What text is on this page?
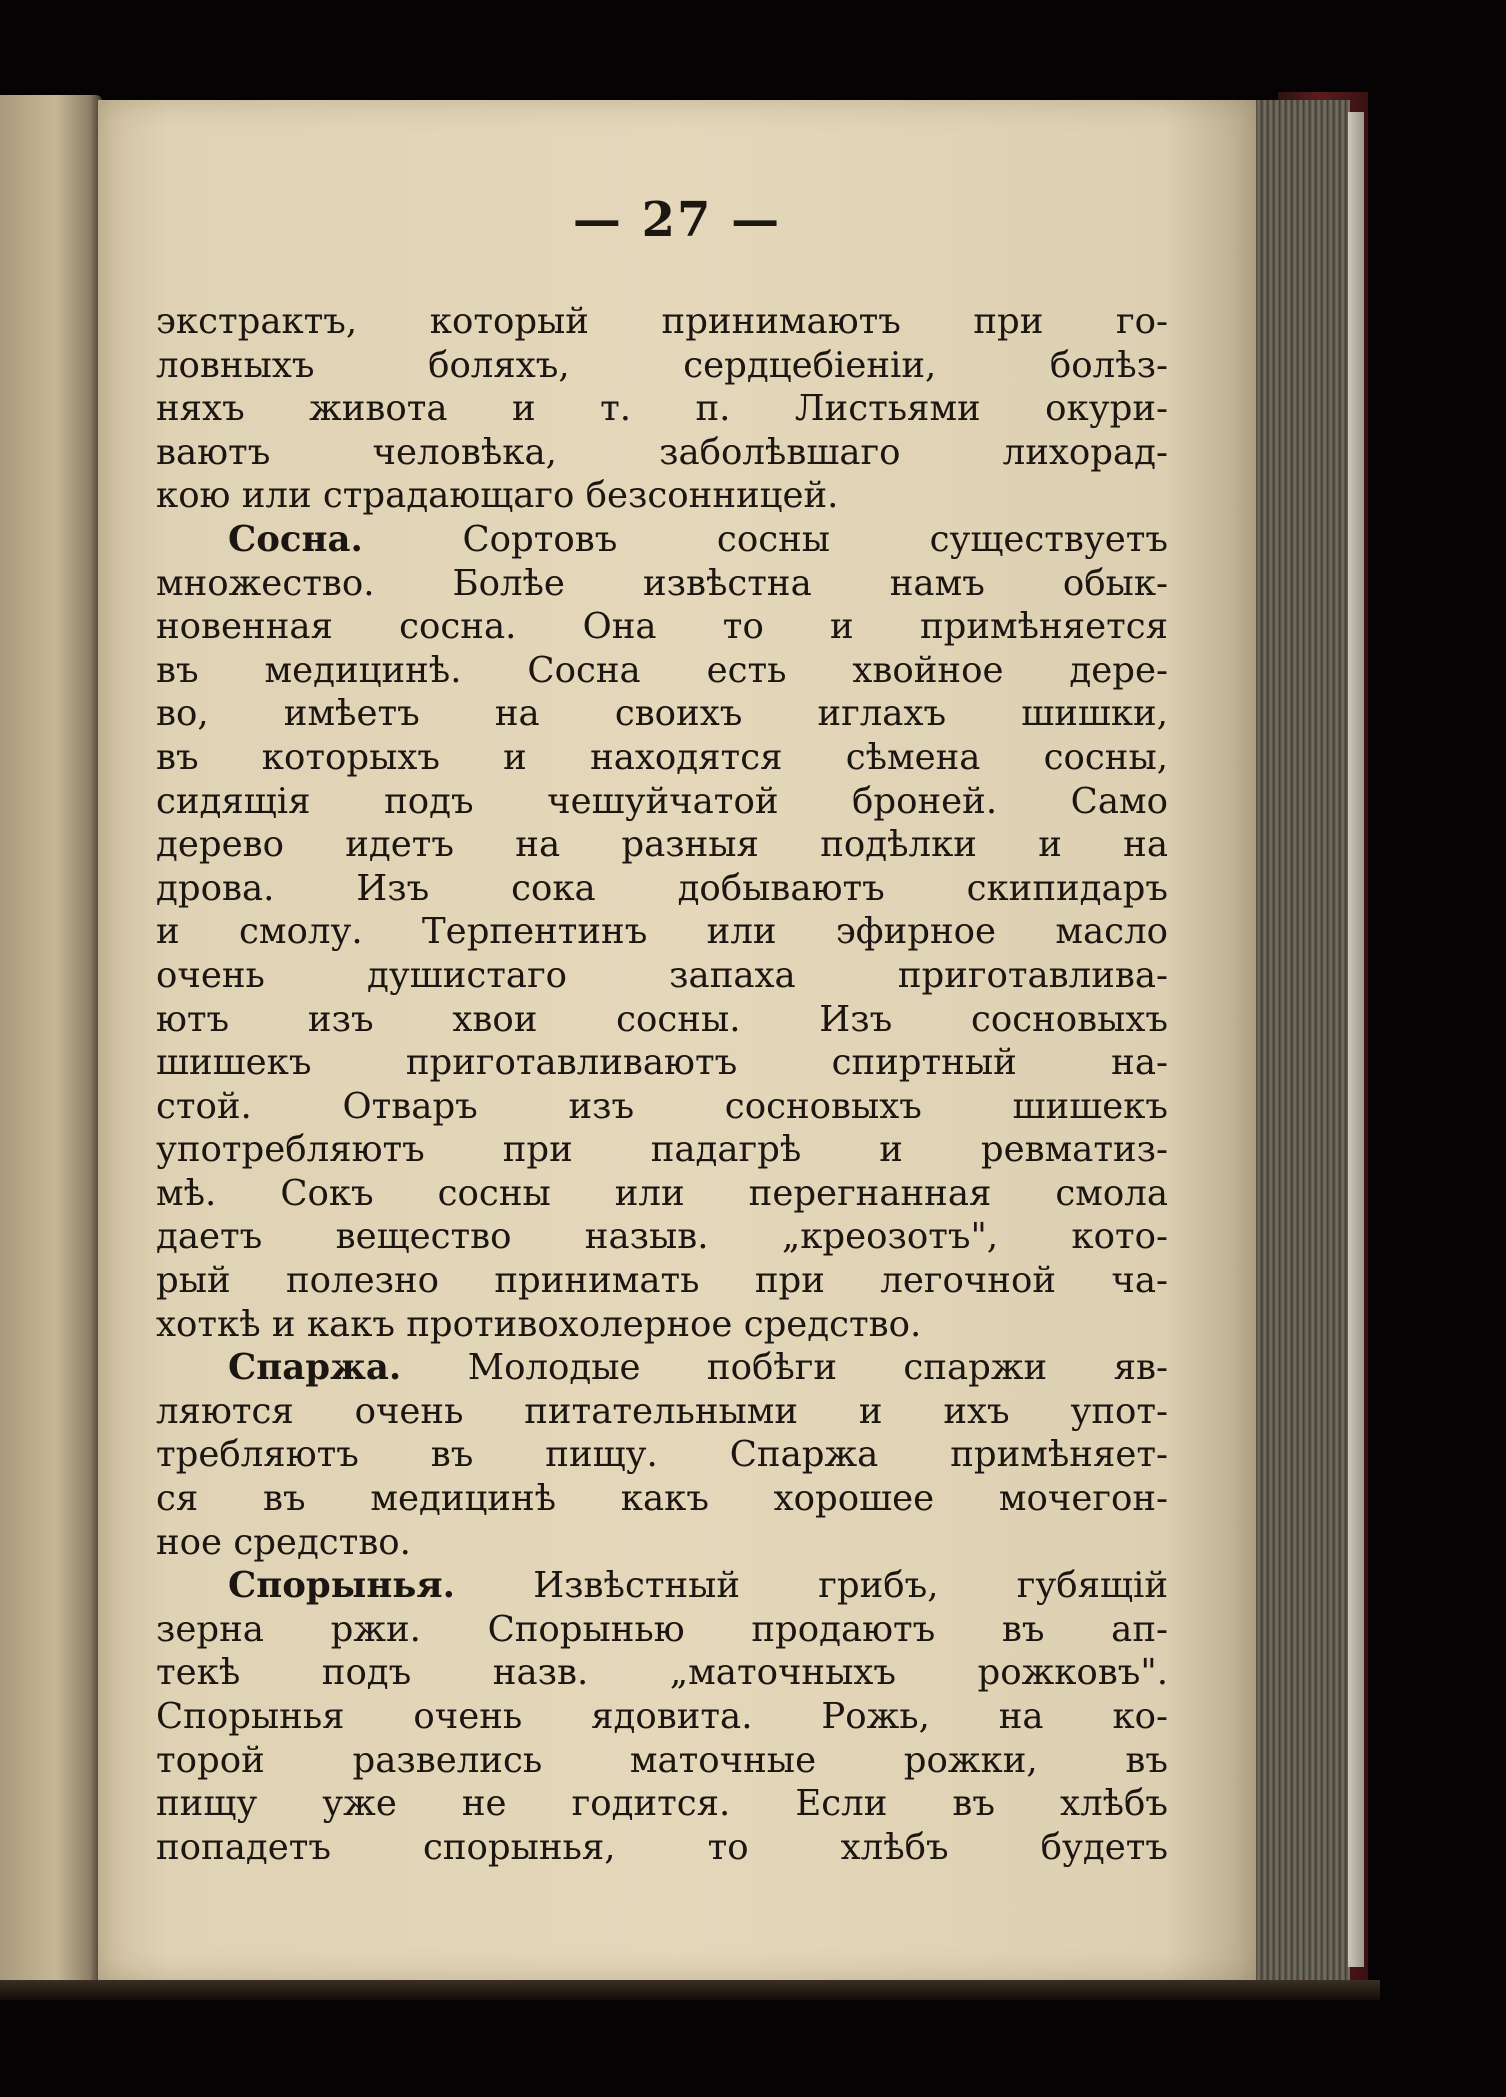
— 27 —
экстрактъ, который принимаютъ при го-
ловныхъ боляхъ, сердцебіеніи, болѣз-
няхъ живота и т. п. Листьями окури-
ваютъ человѣка, заболѣвшаго лихорад-
кою или страдающаго безсонницей.
Сосна. Сортовъ сосны существуетъ
множество. Болѣе извѣстна намъ обык-
новенная сосна. Она то и примѣняется
въ медицинѣ. Сосна есть хвойное дере-
во, имѣетъ на своихъ иглахъ шишки,
въ которыхъ и находятся сѣмена сосны,
сидящія подъ чешуйчатой броней. Само
дерево идетъ на разныя подѣлки и на
дрова. Изъ сока добываютъ скипидаръ
и смолу. Терпентинъ или эфирное масло
очень душистаго запаха приготавлива-
ютъ изъ хвои сосны. Изъ сосновыхъ
шишекъ приготавливаютъ спиртный на-
стой. Отваръ изъ сосновыхъ шишекъ
употребляютъ при падагрѣ и ревматиз-
мѣ. Сокъ сосны или перегнанная смола
даетъ вещество назыв. „креозотъ", кото-
рый полезно принимать при легочной ча-
хоткѣ и какъ противохолерное средство.
Спаржа. Молодые побѣги спаржи яв-
ляются очень питательными и ихъ упот-
требляютъ въ пищу. Спаржа примѣняет-
ся въ медицинѣ какъ хорошее мочегон-
ное средство.
Спорынья. Извѣстный грибъ, губящій
зерна ржи. Спорынью продаютъ въ ап-
текѣ подъ назв. „маточныхъ рожковъ".
Спорынья очень ядовита. Рожь, на ко-
торой развелись маточные рожки, въ
пищу уже не годится. Если въ хлѣбъ
попадетъ спорынья, то хлѣбъ будетъ
